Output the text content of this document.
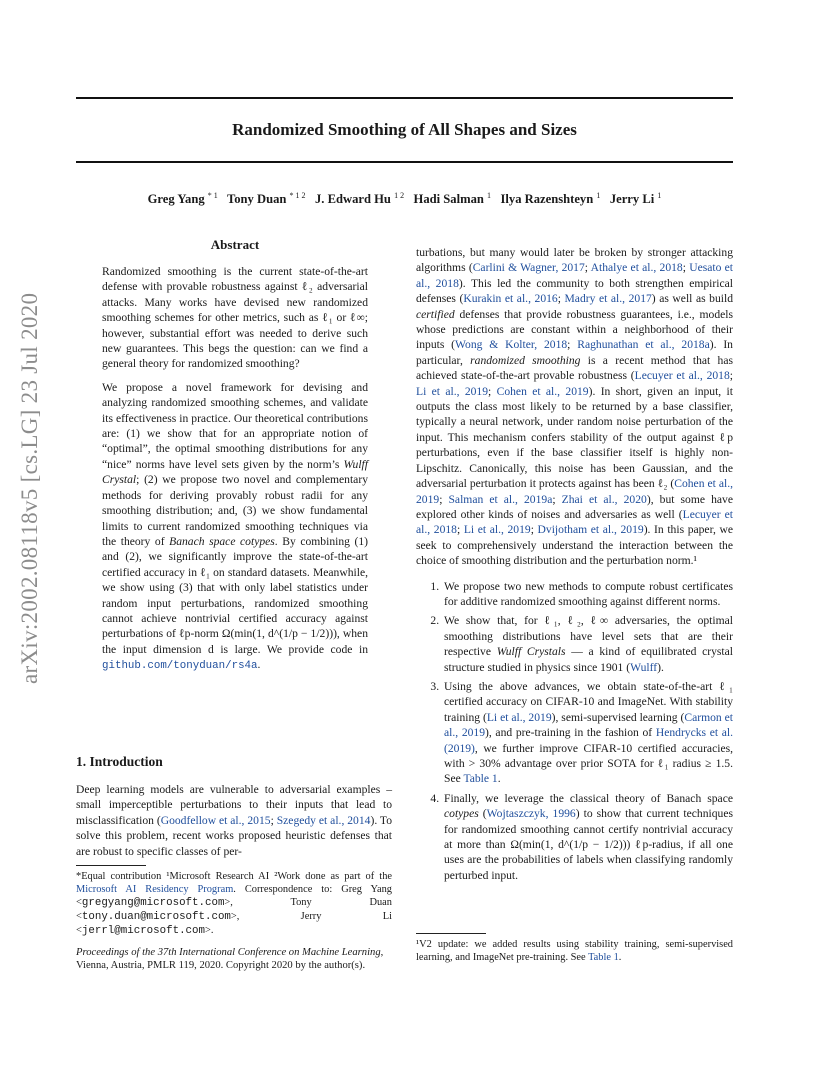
Randomized Smoothing of All Shapes and Sizes
Greg Yang $^{* 1}$ Tony Duan $^{* 1 2}$ J. Edward Hu $^{1 2}$ Hadi Salman $^1$ Ilya Razenshteyn $^1$ Jerry Li $^1$
arXiv:2002.08118v5 [cs.LG] 23 Jul 2020
Abstract

Randomized smoothing is the current state-of-the-art defense with provable robustness against ℓ₂ adversarial attacks. Many works have devised new randomized smoothing schemes for other metrics, such as ℓ₁ or ℓ∞; however, substantial effort was needed to derive such new guarantees. This begs the question: can we find a general theory for randomized smoothing?

We propose a novel framework for devising and analyzing randomized smoothing schemes, and validate its effectiveness in practice. Our theoretical contributions are: (1) we show that for an appropriate notion of “optimal”, the optimal smoothing distributions for any “nice” norms have level sets given by the norm’s Wulff Crystal; (2) we propose two novel and complementary methods for deriving provably robust radii for any smoothing distribution; and, (3) we show fundamental limits to current randomized smoothing techniques via the theory of Banach space cotypes. By combining (1) and (2), we significantly improve the state-of-the-art certified accuracy in ℓ₁ on standard datasets. Meanwhile, we show using (3) that with only label statistics under random input perturbations, randomized smoothing cannot achieve nontrivial certified accuracy against perturbations of ℓp-norm Ω(min(1, d^(1/p − 1/2))), when the input dimension d is large. We provide code in github.com/tonyduan/rs4a.

1. Introduction

Deep learning models are vulnerable to adversarial examples – small imperceptible perturbations to their inputs that lead to misclassification (Goodfellow et al., 2015; Szegedy et al., 2014). To solve this problem, recent works proposed heuristic defenses that are robust to specific classes of per-

*Equal contribution ¹Microsoft Research AI ²Work done as part of the Microsoft AI Residency Program. Correspondence to: Greg Yang <gregyang@microsoft.com>, Tony Duan <tony.duan@microsoft.com>, Jerry Li <jerrl@microsoft.com>.
Proceedings of the 37th International Conference on Machine Learning, Vienna, Austria, PMLR 119, 2020. Copyright 2020 by the author(s).

turbations, but many would later be broken by stronger attacking algorithms (Carlini & Wagner, 2017; Athalye et al., 2018; Uesato et al., 2018). This led the community to both strengthen empirical defenses (Kurakin et al., 2016; Madry et al., 2017) as well as build certified defenses that provide robustness guarantees, i.e., models whose predictions are constant within a neighborhood of their inputs (Wong & Kolter, 2018; Raghunathan et al., 2018a). In particular, randomized smoothing is a recent method that has achieved state-of-the-art provable robustness (Lecuyer et al., 2018; Li et al., 2019; Cohen et al., 2019). In short, given an input, it outputs the class most likely to be returned by a base classifier, typically a neural network, under random noise perturbation of the input. This mechanism confers stability of the output against ℓp perturbations, even if the base classifier itself is highly non-Lipschitz. Canonically, this noise has been Gaussian, and the adversarial perturbation it protects against has been ℓ₂ (Cohen et al., 2019; Salman et al., 2019a; Zhai et al., 2020), but some have explored other kinds of noises and adversaries as well (Lecuyer et al., 2018; Li et al., 2019; Dvijotham et al., 2019). In this paper, we seek to comprehensively understand the interaction between the choice of smoothing distribution and the perturbation norm.¹

1. We propose two new methods to compute robust certificates for additive randomized smoothing against different norms.
2. We show that, for ℓ₁, ℓ₂, ℓ∞ adversaries, the optimal smoothing distributions have level sets that are their respective Wulff Crystals — a kind of equilibrated crystal structure studied in physics since 1901 (Wulff).
3. Using the above advances, we obtain state-of-the-art ℓ₁ certified accuracy on CIFAR-10 and ImageNet. With stability training (Li et al., 2019), semi-supervised learning (Carmon et al., 2019), and pre-training in the fashion of Hendrycks et al. (2019), we further improve CIFAR-10 certified accuracies, with > 30% advantage over prior SOTA for ℓ₁ radius ≥ 1.5. See Table 1.
4. Finally, we leverage the classical theory of Banach space cotypes (Wojtaszczyk, 1996) to show that current techniques for randomized smoothing cannot certify nontrivial accuracy at more than Ω(min(1, d^(1/p − 1/2))) ℓp-radius, if all one uses are the probabilities of labels when classifying randomly perturbed input.
¹V2 update: we added results using stability training, semi-supervised learning, and ImageNet pre-training. See Table 1.
